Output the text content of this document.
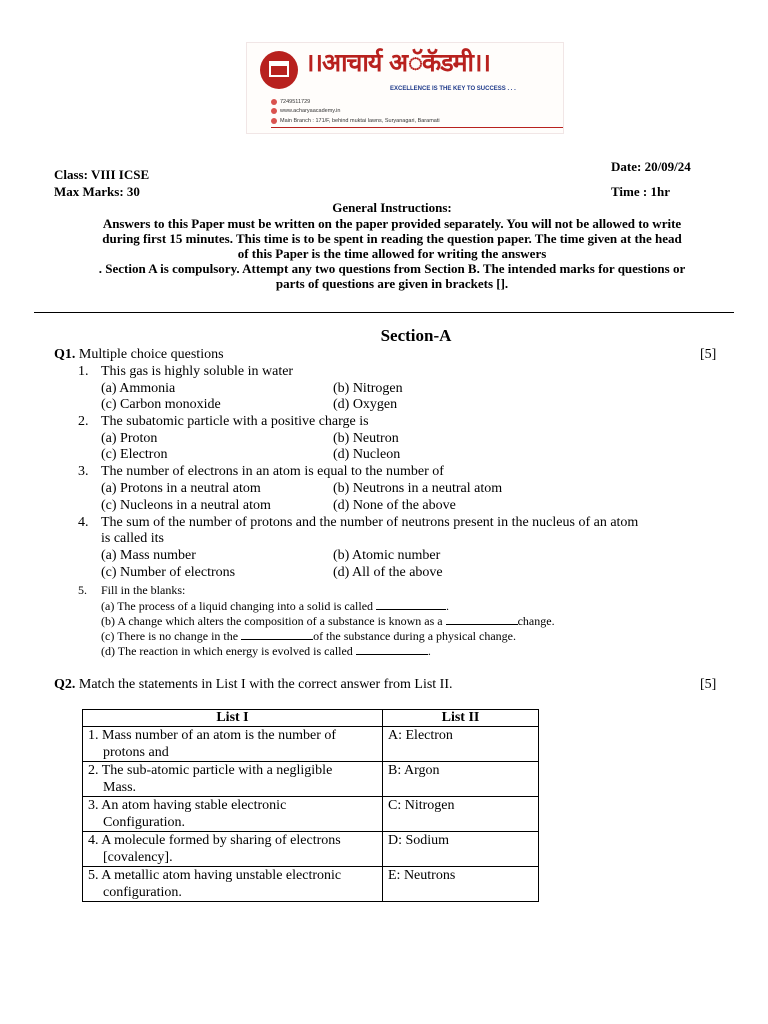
।।आचार्य अॅकॅडमी।।
EXCELLENCE IS THE KEY TO SUCCESS . . .
7249511729
www.acharyaacademy.in
Main Branch : 171/F, behind muktai lawns, Suryanagari, Baramati
Date: 20/09/24
Class: VIII ICSE
Max Marks: 30	Time : 1hr
General Instructions:
Answers to this Paper must be written on the paper provided separately. You will not be allowed to write
during first 15 minutes. This time is to be spent in reading the question paper. The time given at the head
of this Paper is the time allowed for writing the answers
. Section A is compulsory. Attempt any two questions from Section B. The intended marks for questions or
parts of questions are given in brackets [].
Section-A
Q1. Multiple choice questions	[5]
1. This gas is highly soluble in water
(a) Ammonia	(b) Nitrogen
(c) Carbon monoxide	(d) Oxygen
2. The subatomic particle with a positive charge is
(a) Proton	(b) Neutron
(c) Electron	(d) Nucleon
3. The number of electrons in an atom is equal to the number of
(a) Protons in a neutral atom	(b) Neutrons in a neutral atom
(c) Nucleons in a neutral atom	(d) None of the above
4. The sum of the number of protons and the number of neutrons present in the nucleus of an atom
is called its
(a) Mass number	(b) Atomic number
(c) Number of electrons	(d) All of the above
5. Fill in the blanks:
(a) The process of a liquid changing into a solid is called	.
(b) A change which alters the composition of a substance is known as a	change.
(c) There is no change in the	of the substance during a physical change.
(d) The reaction in which energy is evolved is called	.
Q2. Match the statements in List I with the correct answer from List II.	[5]
List I	List II
1. Mass number of an atom is the number of
protons and	A: Electron
2. The sub-atomic particle with a negligible
Mass.	B: Argon
3. An atom having stable electronic
Configuration.	C: Nitrogen
4. A molecule formed by sharing of electrons
[covalency].	D: Sodium
5. A metallic atom having unstable electronic
configuration.	E: Neutrons
